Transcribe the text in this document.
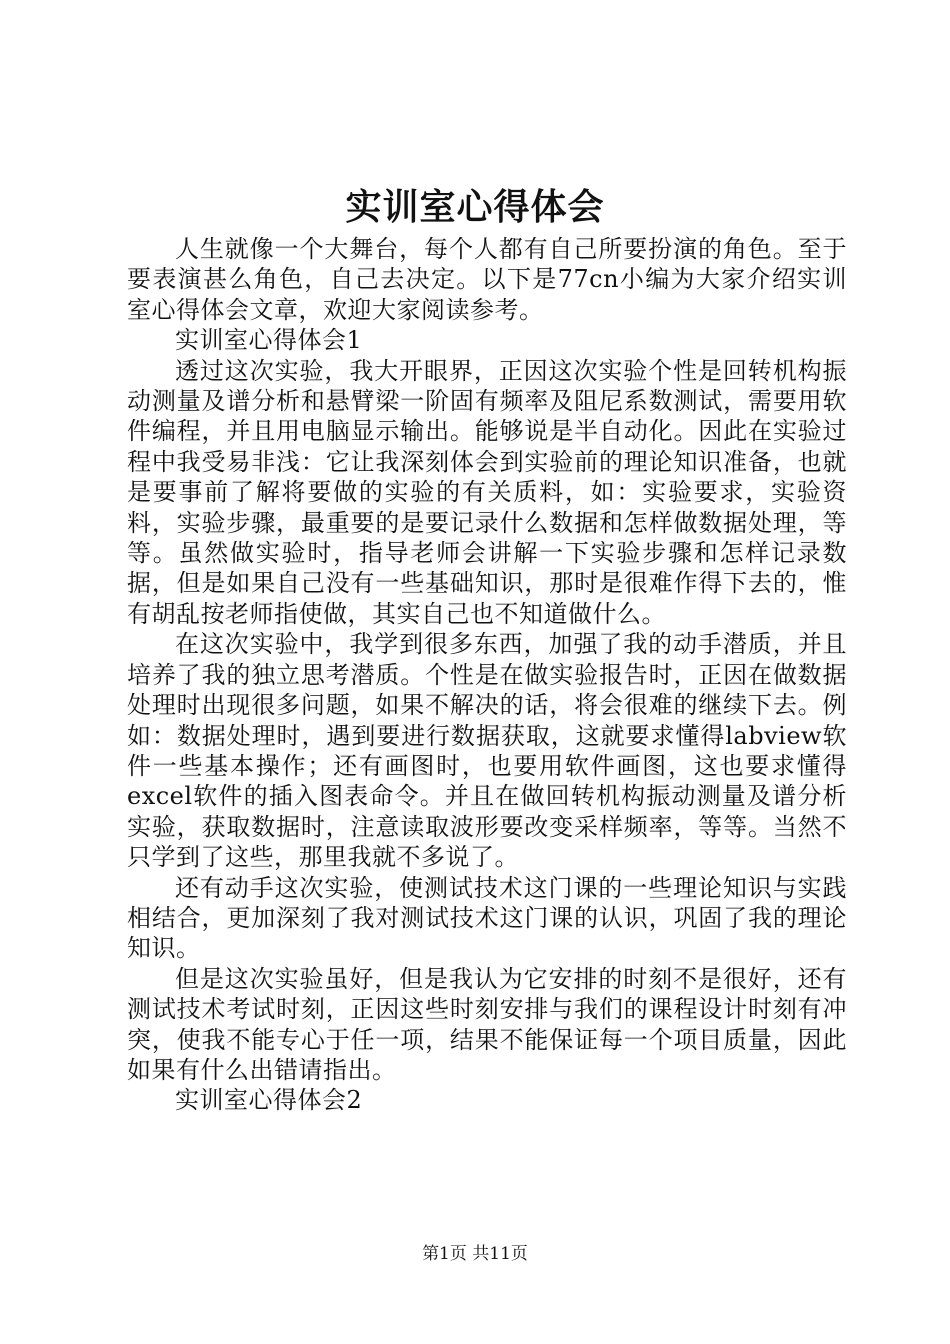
实训室心得体会

人生就像一个大舞台，每个人都有自己所要扮演的角色。至于要表演甚么角色，自己去决定。以下是77cn小编为大家介绍实训室心得体会文章，欢迎大家阅读参考。

实训室心得体会1

透过这次实验，我大开眼界，正因这次实验个性是回转机构振动测量及谱分析和悬臂梁一阶固有频率及阻尼系数测试，需要用软件编程，并且用电脑显示输出。能够说是半自动化。因此在实验过程中我受易非浅：它让我深刻体会到实验前的理论知识准备，也就是要事前了解将要做的实验的有关质料，如：实验要求，实验资料，实验步骤，最重要的是要记录什么数据和怎样做数据处理，等等。虽然做实验时，指导老师会讲解一下实验步骤和怎样记录数据，但是如果自己没有一些基础知识，那时是很难作得下去的，惟有胡乱按老师指使做，其实自己也不知道做什么。

在这次实验中，我学到很多东西，加强了我的动手潜质，并且培养了我的独立思考潜质。个性是在做实验报告时，正因在做数据处理时出现很多问题，如果不解决的话，将会很难的继续下去。例如：数据处理时，遇到要进行数据获取，这就要求懂得labview软件一些基本操作；还有画图时，也要用软件画图，这也要求懂得excel软件的插入图表命令。并且在做回转机构振动测量及谱分析实验，获取数据时，注意读取波形要改变采样频率，等等。当然不只学到了这些，那里我就不多说了。

还有动手这次实验，使测试技术这门课的一些理论知识与实践相结合，更加深刻了我对测试技术这门课的认识，巩固了我的理论知识。

但是这次实验虽好，但是我认为它安排的时刻不是很好，还有测试技术考试时刻，正因这些时刻安排与我们的课程设计时刻有冲突，使我不能专心于任一项，结果不能保证每一个项目质量，因此如果有什么出错请指出。

实训室心得体会2

第1页 共11页
